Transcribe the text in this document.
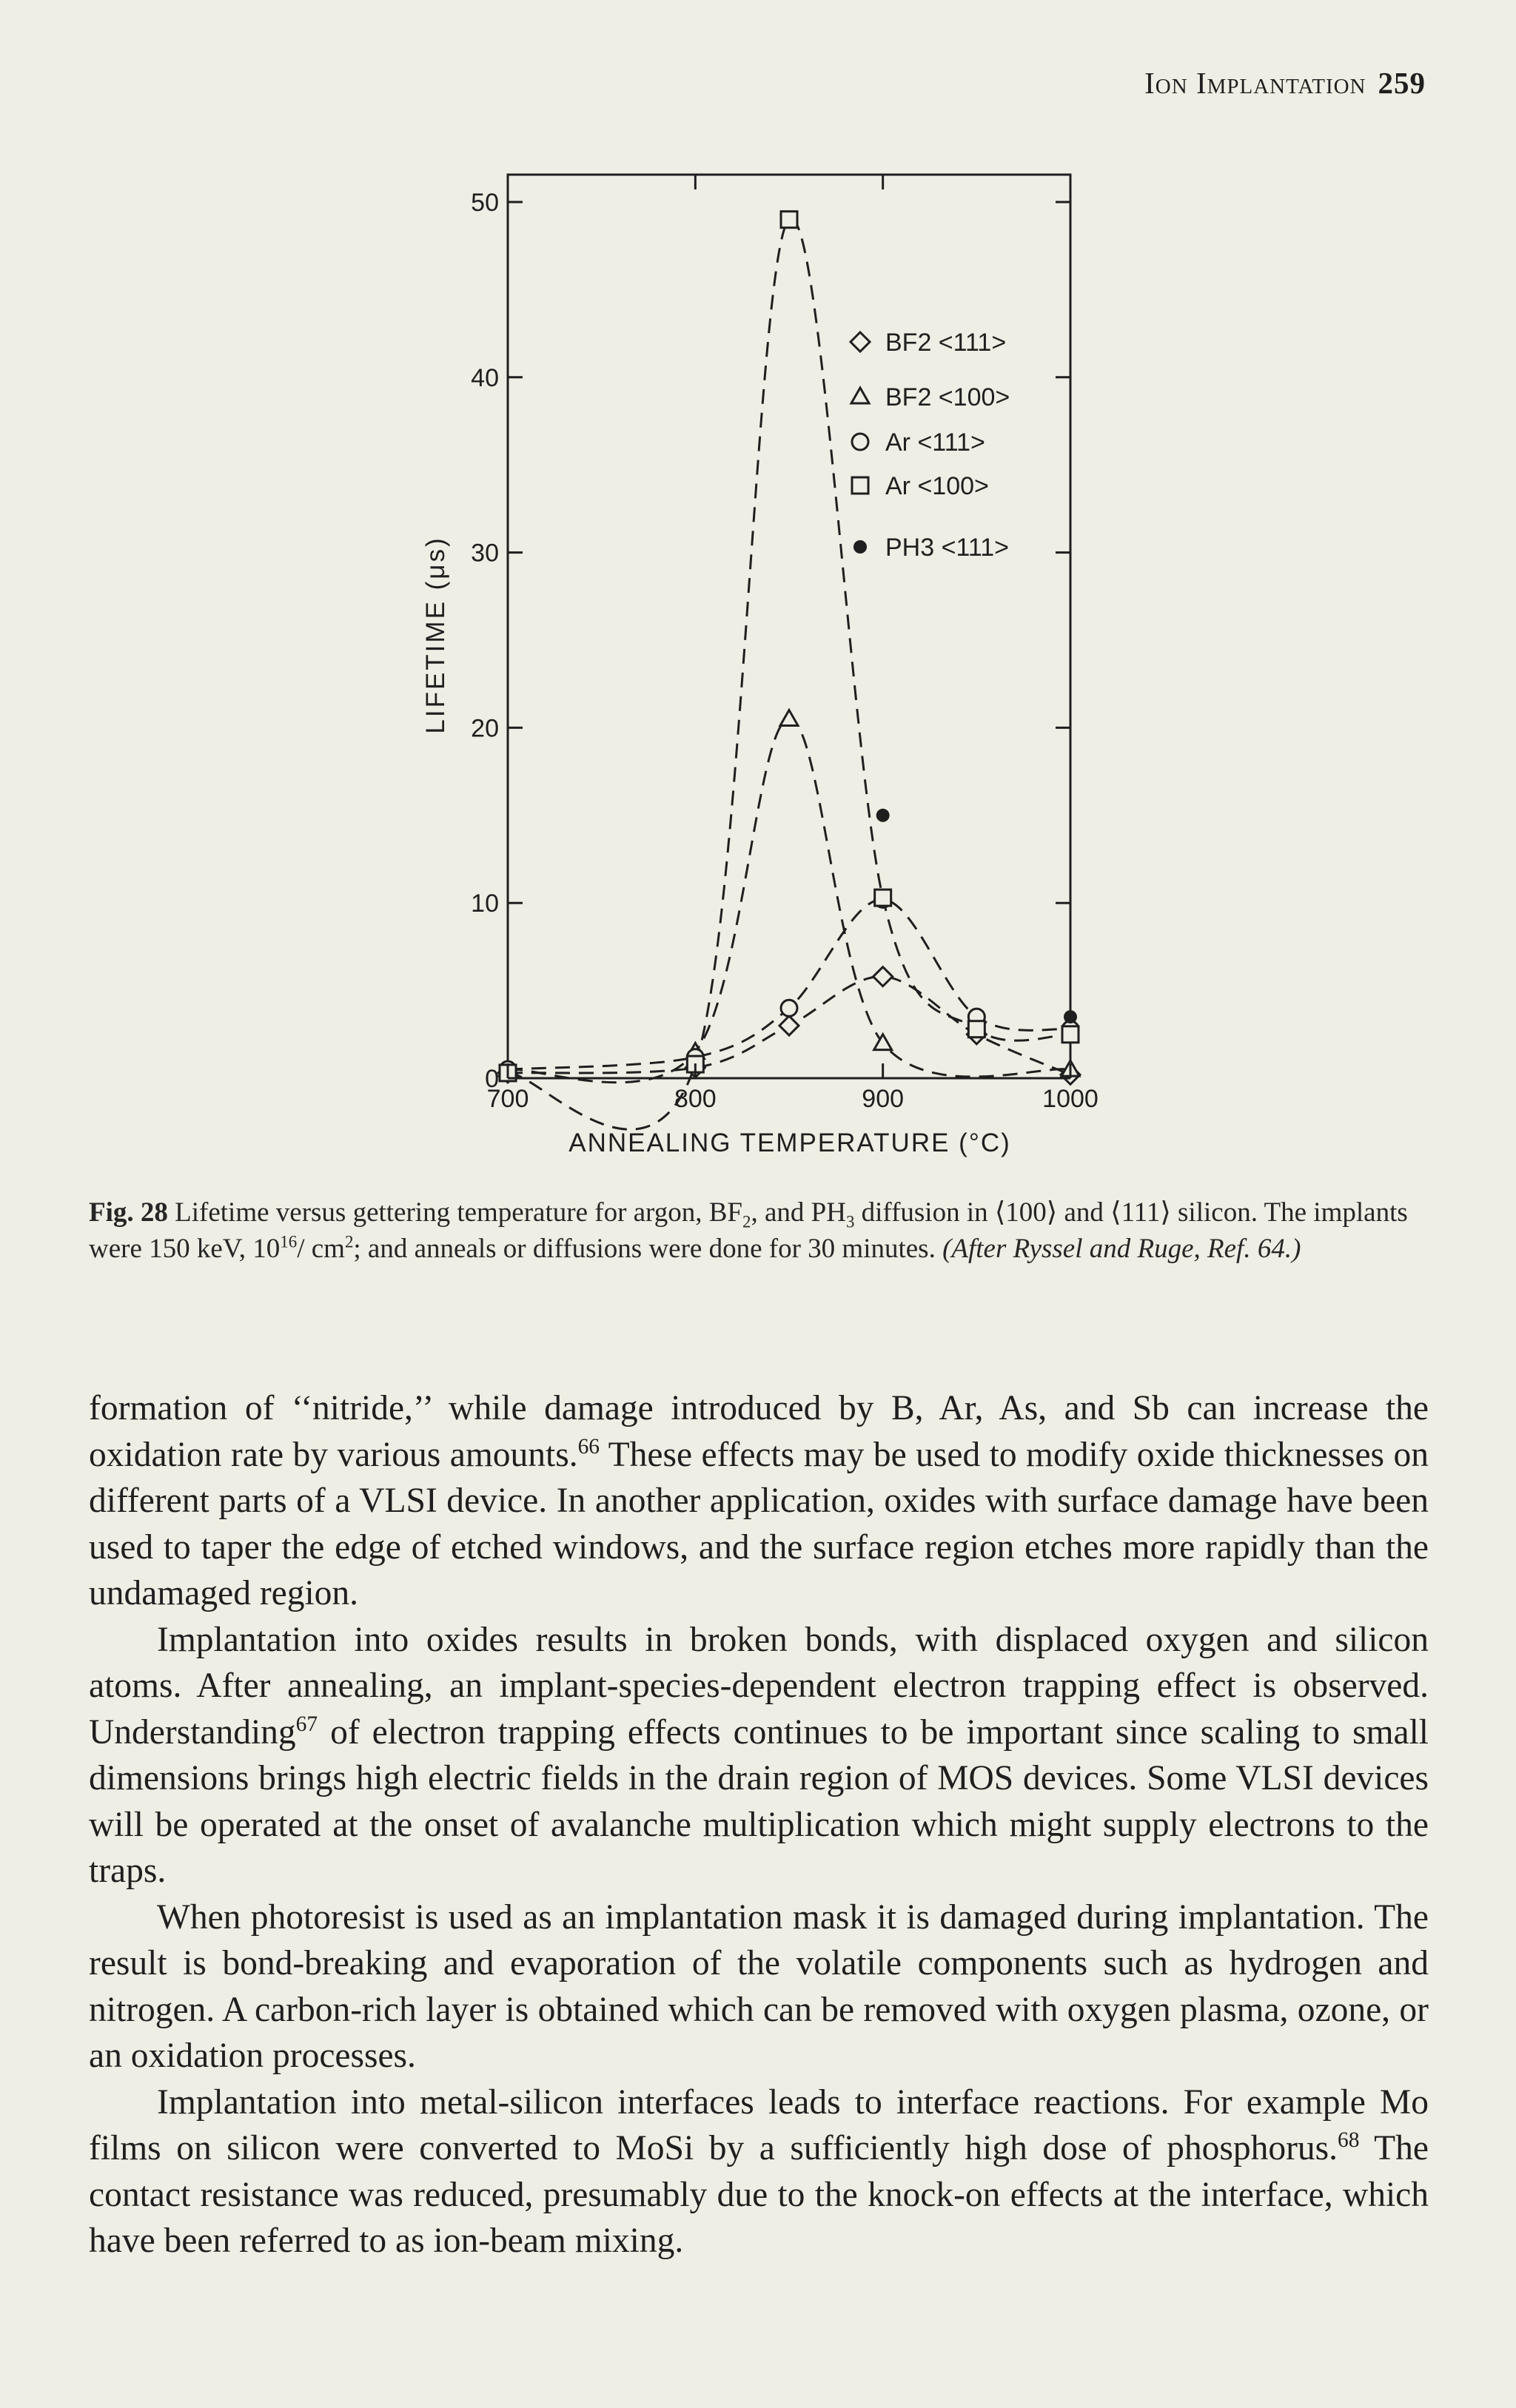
Ion Implantation 259
0
10
20
30
40
50
700	800	900	1000
BF2 <111>
BF2 <100>
Ar <111>
Ar <100>
PH3 <111>
ANNEALING TEMPERATURE (°C)
LIFETIME (μs)
Fig. 28 Lifetime versus gettering temperature for argon, $BF_2$, and $PH_3$ diffusion in ⟨100⟩ and ⟨111⟩ silicon. The implants were 150 keV, $10^{16}/$ $cm^2$; and anneals or diffusions were done for 30 minutes. (After Ryssel and Ruge, Ref. 64.)

formation of ‘‘nitride,’’ while damage introduced by B, Ar, As, and Sb can increase the oxidation rate by various amounts.$^{66}$ These effects may be used to modify oxide thicknesses on different parts of a VLSI device. In another application, oxides with surface damage have been used to taper the edge of etched windows, and the surface region etches more rapidly than the undamaged region.

Implantation into oxides results in broken bonds, with displaced oxygen and silicon atoms. After annealing, an implant-species-dependent electron trapping effect is observed. Understanding$^{67}$ of electron trapping effects continues to be important since scaling to small dimensions brings high electric fields in the drain region of MOS devices. Some VLSI devices will be operated at the onset of avalanche multiplication which might supply electrons to the traps.

When photoresist is used as an implantation mask it is damaged during implantation. The result is bond-breaking and evaporation of the volatile components such as hydrogen and nitrogen. A carbon-rich layer is obtained which can be removed with oxygen plasma, ozone, or an oxidation processes.

Implantation into metal-silicon interfaces leads to interface reactions. For example Mo films on silicon were converted to MoSi by a sufficiently high dose of phosphorus.$^{68}$ The contact resistance was reduced, presumably due to the knock-on effects at the interface, which have been referred to as ion-beam mixing.
